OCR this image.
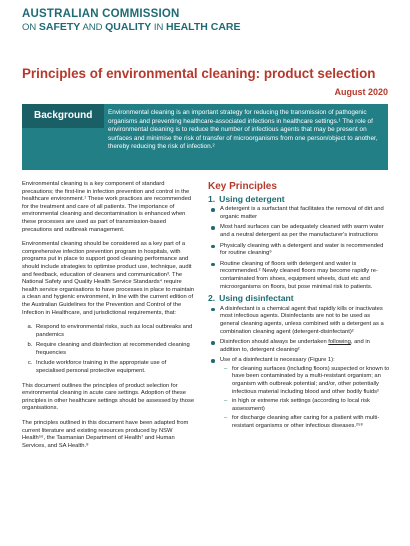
AUSTRALIAN COMMISSION
ON SAFETY AND QUALITY IN HEALTH CARE
Principles of environmental cleaning: product selection
August 2020
Background	Environmental cleaning is an important strategy for reducing the transmission of pathogenic organisms and preventing healthcare-associated infections in healthcare settings.¹ The role of environmental cleaning is to reduce the number of infectious agents that may be present on surfaces and minimise the risk of transfer of microorganisms from one person/object to another, thereby reducing the risk of infection.²

Environmental cleaning is a key component of standard precautions; the first-line in infection prevention and control in the healthcare environment.¹ These work practices are recommended for the treatment and care of all patients. The importance of environmental cleaning and decontamination is enhanced when these processes are used as part of transmission-based precautions and outbreak management.

Environmental cleaning should be considered as a key part of a comprehensive infection prevention program in hospitals, with programs put in place to support good cleaning performance and should include strategies to optimise product use, technique, audit and feedback, education of cleaners and communication³. The National Safety and Quality Health Service Standards⁴ require health service organisations to have processes in place to maintain a clean and hygienic environment, in line with the current edition of the Australian Guidelines for the Prevention and Control of the Infection in Healthcare, and jurisdictional requirements, that:

a. Respond to environmental risks, such as local outbreaks and pandemics
b. Require cleaning and disinfection at recommended cleaning frequencies
c. Include workforce training in the appropriate use of specialised personal protective equipment.

This document outlines the principles of product selection for environmental cleaning in acute care settings. Adoption of these principles in other healthcare settings should be assessed by those organisations.

The principles outlined in this document have been adapted from current literature and existing resources produced by NSW Health⁵⁶, the Tasmanian Department of Health⁷ and Human Services, and SA Health.⁸

Key Principles
1. Using detergent
A detergent is a surfactant that facilitates the removal of dirt and organic matter
Most hard surfaces can be adequately cleaned with warm water and a neutral detergent as per the manufacturer's instructions
Physically cleaning with a detergent and water is recommended for routine cleaning⁹
Routine cleaning of floors with detergent and water is recommended.² Newly cleaned floors may become rapidly re-contaminated from shoes, equipment wheels, dust etc and microorganisms on floors, but pose minimal risk to patients.
2. Using disinfectant
A disinfectant is a chemical agent that rapidly kills or inactivates most infectious agents. Disinfectants are not to be used as general cleaning agents, unless combined with a detergent as a combination cleaning agent (detergent-disinfectant)²
Disinfection should always be undertaken following, and in addition to, detergent cleaning²
Use of a disinfectant is necessary (Figure 1):
– for cleaning surfaces (including floors) suspected or known to have been contaminated by a multi-resistant organism; an organism with outbreak potential; and/or, other potentially infectious material including blood and other bodily fluids²
– in high or extreme risk settings (according to local risk assessment)
– for discharge cleaning after caring for a patient with multi-resistant organisms or other infectious diseases.²⁵⁸
